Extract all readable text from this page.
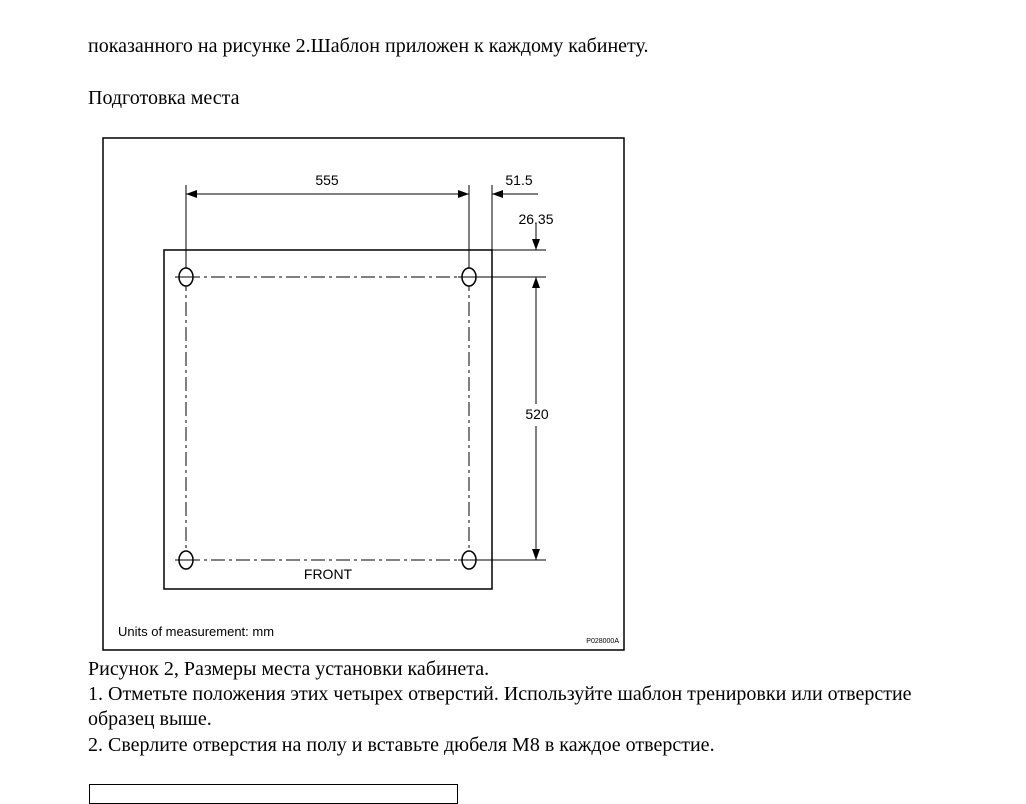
показанного на рисунке 2.Шаблон приложен к каждому кабинету.

Подготовка места

555	51.5
26.35
520
FRONT
Units of measurement: mm
P028000A

Рисунок 2, Размеры места установки кабинета.

1. Отметьте положения этих четырех отверстий. Используйте шаблон тренировки или отверстие

образец выше.

2. Сверлите отверстия на полу и вставьте дюбеля М8 в каждое отверстие.
